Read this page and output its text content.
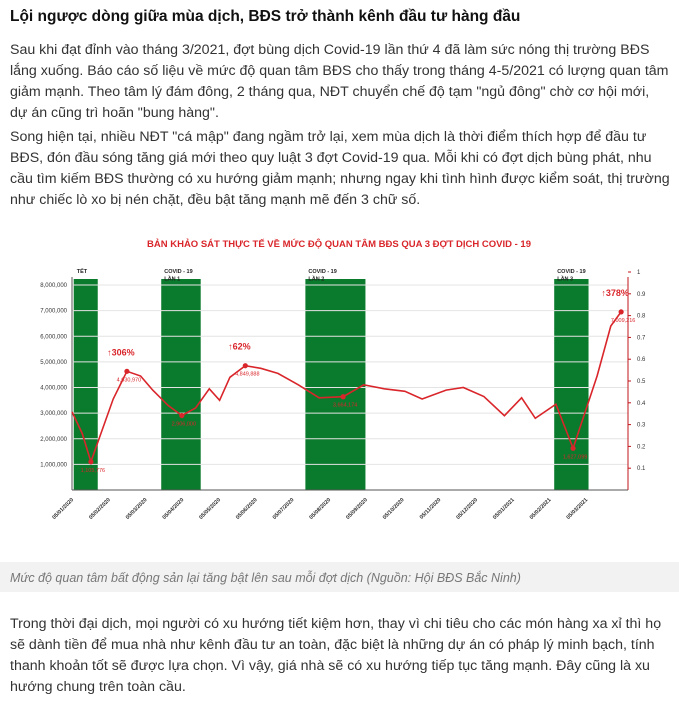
Lội ngược dòng giữa mùa dịch, BĐS trở thành kênh đầu tư hàng đầu

Sau khi đạt đỉnh vào tháng 3/2021, đợt bùng dịch Covid-19 lần thứ 4 đã làm sức nóng thị trường BĐS lắng xuống. Báo cáo số liệu về mức độ quan tâm BĐS cho thấy trong tháng 4-5/2021 có lượng quan tâm giảm mạnh. Theo tâm lý đám đông, 2 tháng qua, NĐT chuyển chế độ tạm "ngủ đông" chờ cơ hội mới, dự án cũng trì hoãn "bung hàng".

Song hiện tại, nhiều NĐT "cá mập" đang ngầm trở lại, xem mùa dịch là thời điểm thích hợp để đầu tư BĐS, đón đầu sóng tăng giá mới theo quy luật 3 đợt Covid-19 qua. Mỗi khi có đợt dịch bùng phát, nhu cầu tìm kiếm BĐS thường có xu hướng giảm mạnh; nhưng ngay khi tình hình được kiểm soát, thị trường như chiếc lò xo bị nén chặt, đều bật tăng mạnh mẽ đến 3 chữ số.

BẢN KHẢO SÁT THỰC TẾ VỀ MỨC ĐỘ QUAN TÂM BĐS QUA 3 ĐỢT DỊCH COVID - 19
TẾT	COVID - 19
LẦN 1
COVID - 19
LẦN 2
COVID - 19
LẦN 3
1,000,000
2,000,000
3,000,000
4,000,000
5,000,000
6,000,000
7,000,000
8,000,000
0.1
0.2
0.3
0.4
0.5
0.6
0.7
0.8
0.9
1
05/01/2020 05/02/2020 05/03/2020 05/04/2020 05/05/2020 05/06/2020 05/07/2020 05/08/2020 05/09/2020 05/10/2020 05/11/2020 05/12/2020 05/01/2021 05/02/2021 05/03/2021
1,105,776
4,630,970
2,906,000
4,849,888
3,664,174
1,627,099
7,009,216
↑306%
↑62%
↑378%

Mức độ quan tâm bất động sản lại tăng bật lên sau mỗi đợt dịch (Nguồn: Hội BĐS Bắc Ninh)

Trong thời đại dịch, mọi người có xu hướng tiết kiệm hơn, thay vì chi tiêu cho các món hàng xa xỉ thì họ sẽ dành tiền để mua nhà như kênh đầu tư an toàn, đặc biệt là những dự án có pháp lý minh bạch, tính thanh khoản tốt sẽ được lựa chọn. Vì vậy, giá nhà sẽ có xu hướng tiếp tục tăng mạnh. Đây cũng là xu hướng chung trên toàn cầu.
